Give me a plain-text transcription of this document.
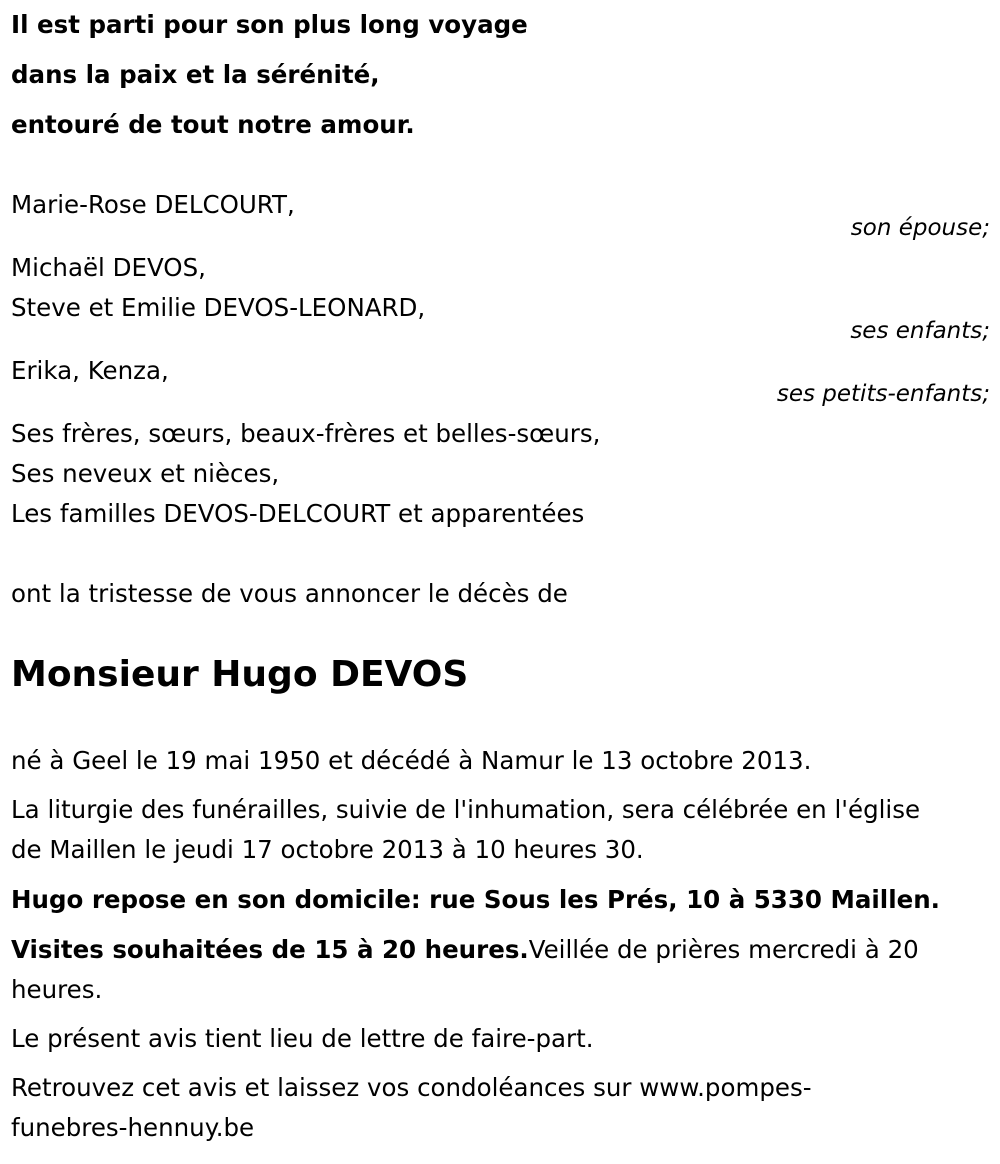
Il est parti pour son plus long voyage
dans la paix et la sérénité,
entouré de tout notre amour.
Marie-Rose DELCOURT,
son épouse;
Michaël DEVOS,
Steve et Emilie DEVOS-LEONARD,
ses enfants;
Erika, Kenza,
ses petits-enfants;
Ses frères, sœurs, beaux-frères et belles-sœurs,
Ses neveux et nièces,
Les familles DEVOS-DELCOURT et apparentées
ont la tristesse de vous annoncer le décès de
Monsieur Hugo DEVOS
né à Geel le 19 mai 1950 et décédé à Namur le 13 octobre 2013.
La liturgie des funérailles, suivie de l'inhumation, sera célébrée en l'église
de Maillen le jeudi 17 octobre 2013 à 10 heures 30.
Hugo repose en son domicile: rue Sous les Prés, 10 à 5330 Maillen.
Visites souhaitées de 15 à 20 heures.Veillée de prières mercredi à 20
heures.
Le présent avis tient lieu de lettre de faire-part.
Retrouvez cet avis et laissez vos condoléances sur www.pompes-
funebres-hennuy.be
